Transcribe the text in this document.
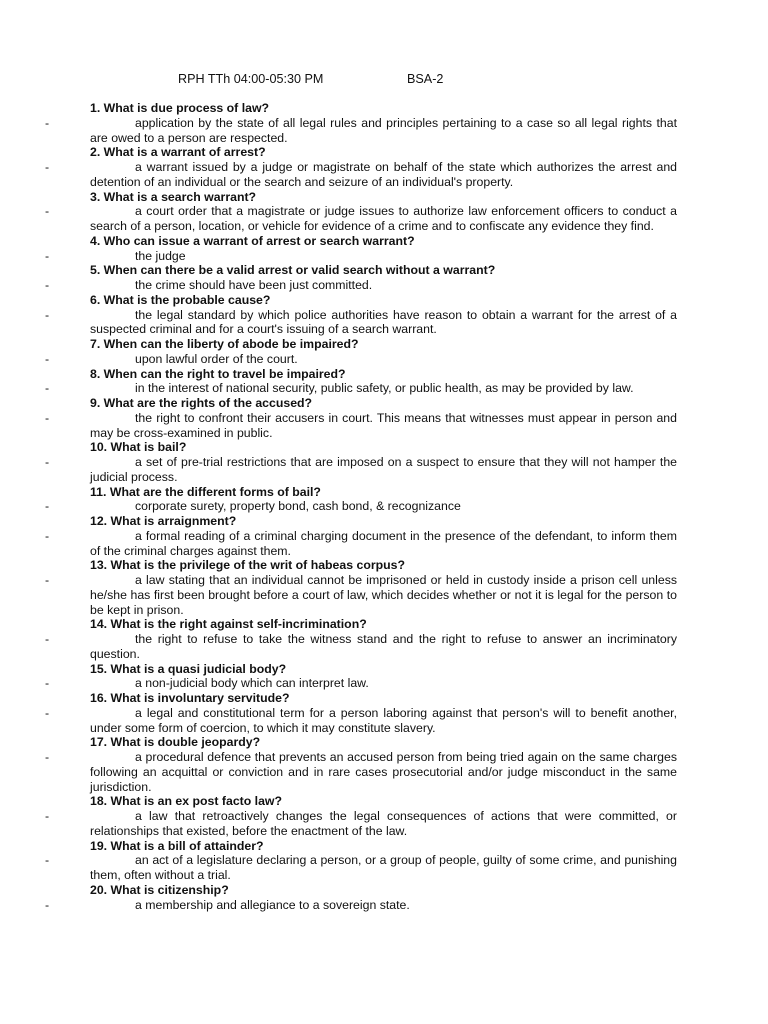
RPH TTh 04:00-05:30 PM	BSA-2

1. What is due process of law?

-	application by the state of all legal rules and principles pertaining to a case so all legal rights that are owed to a person are respected.

2. What is a warrant of arrest?

-	a warrant issued by a judge or magistrate on behalf of the state which authorizes the arrest and detention of an individual or the search and seizure of an individual's property.

3. What is a search warrant?

-	a court order that a magistrate or judge issues to authorize law enforcement officers to conduct a search of a person, location, or vehicle for evidence of a crime and to confiscate any evidence they find.

4. Who can issue a warrant of arrest or search warrant?

-	the judge

5. When can there be a valid arrest or valid search without a warrant?

-	the crime should have been just committed.

6. What is the probable cause?

-	the legal standard by which police authorities have reason to obtain a warrant for the arrest of a suspected criminal and for a court's issuing of a search warrant.

7. When can the liberty of abode be impaired?

-	upon lawful order of the court.

8. When can the right to travel be impaired?

-	in the interest of national security, public safety, or public health, as may be provided by law.

9. What are the rights of the accused?

-	the right to confront their accusers in court. This means that witnesses must appear in person and may be cross-examined in public.

10. What is bail?

-	a set of pre-trial restrictions that are imposed on a suspect to ensure that they will not hamper the judicial process.

11. What are the different forms of bail?

-	corporate surety, property bond, cash bond, & recognizance

12. What is arraignment?

-	a formal reading of a criminal charging document in the presence of the defendant, to inform them of the criminal charges against them.

13. What is the privilege of the writ of habeas corpus?

-	a law stating that an individual cannot be imprisoned or held in custody inside a prison cell unless he/she has first been brought before a court of law, which decides whether or not it is legal for the person to be kept in prison.

14. What is the right against self-incrimination?

-	the right to refuse to take the witness stand and the right to refuse to answer an incriminatory question.

15. What is a quasi judicial body?

-	a non-judicial body which can interpret law.

16. What is involuntary servitude?

-	a legal and constitutional term for a person laboring against that person's will to benefit another, under some form of coercion, to which it may constitute slavery.

17. What is double jeopardy?

-	a procedural defence that prevents an accused person from being tried again on the same charges following an acquittal or conviction and in rare cases prosecutorial and/or judge misconduct in the same jurisdiction.

18. What is an ex post facto law?

-	a law that retroactively changes the legal consequences of actions that were committed, or relationships that existed, before the enactment of the law.

19. What is a bill of attainder?

-	an act of a legislature declaring a person, or a group of people, guilty of some crime, and punishing them, often without a trial.

20. What is citizenship?

-	a membership and allegiance to a sovereign state.
